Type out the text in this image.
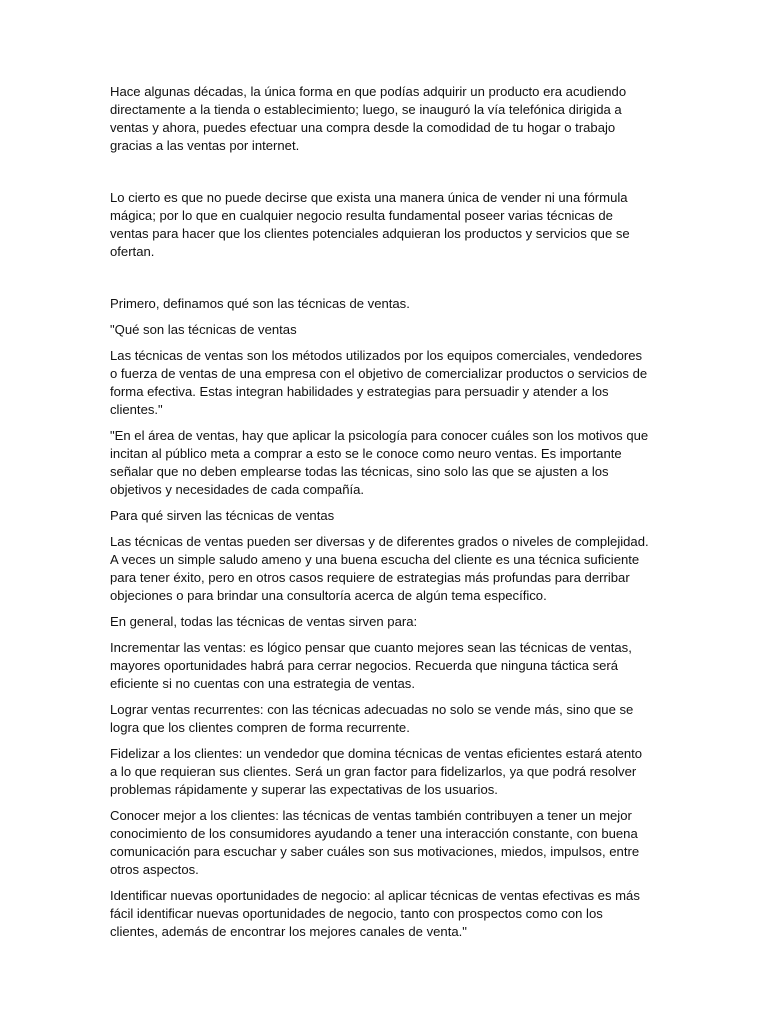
Hace algunas décadas, la única forma en que podías adquirir un producto era acudiendo directamente a la tienda o establecimiento; luego, se inauguró la vía telefónica dirigida a ventas y ahora, puedes efectuar una compra desde la comodidad de tu hogar o trabajo gracias a las ventas por internet.

Lo cierto es que no puede decirse que exista una manera única de vender ni una fórmula mágica; por lo que en cualquier negocio resulta fundamental poseer varias técnicas de ventas para hacer que los clientes potenciales adquieran los productos y servicios que se ofertan.

Primero, definamos qué son las técnicas de ventas.

"Qué son las técnicas de ventas

Las técnicas de ventas son los métodos utilizados por los equipos comerciales, vendedores o fuerza de ventas de una empresa con el objetivo de comercializar productos o servicios de forma efectiva. Estas integran habilidades y estrategias para persuadir y atender a los clientes."

"En el área de ventas, hay que aplicar la psicología para conocer cuáles son los motivos que incitan al público meta a comprar a esto se le conoce como neuro ventas. Es importante señalar que no deben emplearse todas las técnicas, sino solo las que se ajusten a los objetivos y necesidades de cada compañía.

Para qué sirven las técnicas de ventas

Las técnicas de ventas pueden ser diversas y de diferentes grados o niveles de complejidad. A veces un simple saludo ameno y una buena escucha del cliente es una técnica suficiente para tener éxito, pero en otros casos requiere de estrategias más profundas para derribar objeciones o para brindar una consultoría acerca de algún tema específico.

En general, todas las técnicas de ventas sirven para:

Incrementar las ventas: es lógico pensar que cuanto mejores sean las técnicas de ventas, mayores oportunidades habrá para cerrar negocios. Recuerda que ninguna táctica será eficiente si no cuentas con una estrategia de ventas.

Lograr ventas recurrentes: con las técnicas adecuadas no solo se vende más, sino que se logra que los clientes compren de forma recurrente.

Fidelizar a los clientes: un vendedor que domina técnicas de ventas eficientes estará atento a lo que requieran sus clientes. Será un gran factor para fidelizarlos, ya que podrá resolver problemas rápidamente y superar las expectativas de los usuarios.

Conocer mejor a los clientes: las técnicas de ventas también contribuyen a tener un mejor conocimiento de los consumidores ayudando a tener una interacción constante, con buena comunicación para escuchar y saber cuáles son sus motivaciones, miedos, impulsos, entre otros aspectos.

Identificar nuevas oportunidades de negocio: al aplicar técnicas de ventas efectivas es más fácil identificar nuevas oportunidades de negocio, tanto con prospectos como con los clientes, además de encontrar los mejores canales de venta."
